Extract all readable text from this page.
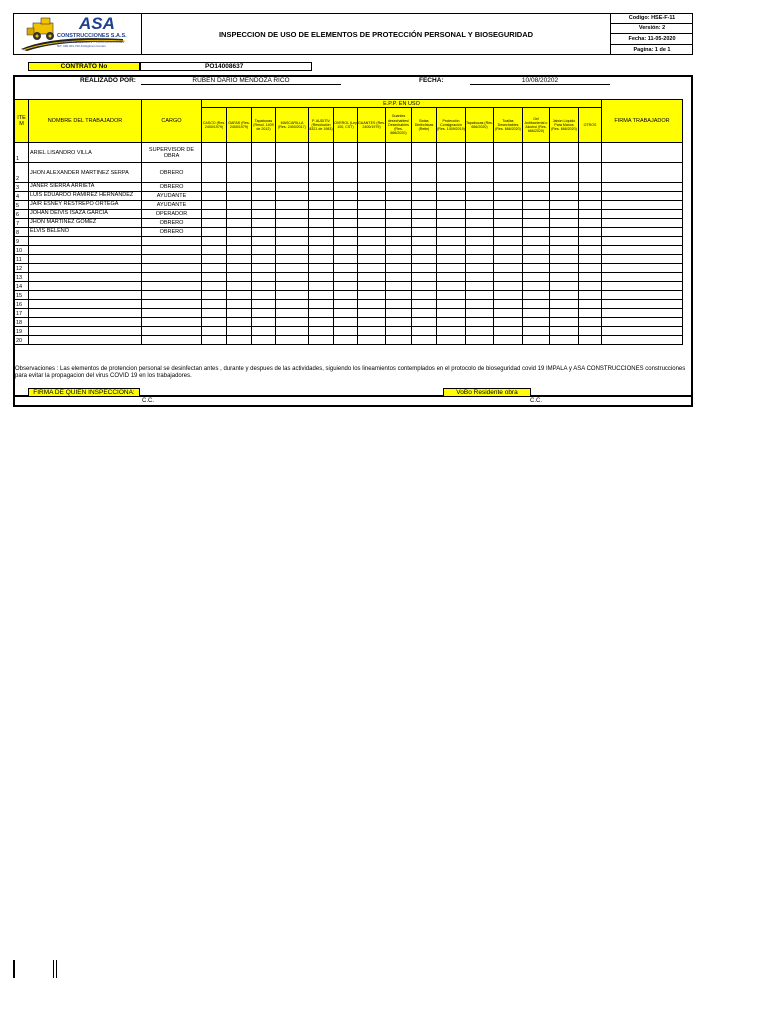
ASA
CONSTRUCCIONES S.A.S.
ASFALTOS AGREGADOS Y CONSTRUCCIONES
NIT. 900.201.720-9 Régimen Común
INSPECCION DE USO DE ELEMENTOS DE PROTECCIÓN PERSONAL Y BIOSEGURIDAD
Codigo: HSE-F-11
Versión: 2
Fecha: 11-05-2020
Pagina: 1 de 1
CONTRATO No	PO14008637
REALIZADO POR:	RUBEN DARIO MENDOZA RICO	FECHA:	10/08/20202
ITE M	NOMBRE DEL TRABAJADOR	CARGO	E.P.P. EN USO															FIRMA TRABAJADOR
			CASCO (Res. 2400/1979)	GAFAS (Res. 2400/1979)	Tapabocas (Resol. 1409 de 2012)	MASCARILLA (Res. 2400/2017)	P. AUDITIV (Resolución 8321 de 1983)	OVEROL (Ley 100, CST)	GUANTES (Res. 2400/1979)	Guantes desechables/ Desechables (Res. 666/2020)	Botas Dieléctricas (Retie)	Protección Consignación (Res. 1409/2019)	Tapabocas (Res. 666/2020)	Toallas Desechables (Res. 666/2020)	Gel Antibacterial o Alcohol (Res. 666/2020)	Jabón Líquido Para Manos (Res. 666/2020)	OTROS	
1	ARIEL LISANDRO VILLA	SUPERVISOR DE OBRA																
2	JHON ALEXANDER MARTINEZ SERPA	OBRERO																
3	JANER SIERRA ARRIETA	OBRERO																
4	LUIS EDUARDO RAMIREZ HERNANDEZ	AYUDANTE																
5	JAIR ESNEY RESTREPO ORTEGA	AYUDANTE																
6	JOHAN DEIVIS ISAZA GARCIA	OPERADOR																
7	JHON MARTINEZ GOMEZ	OBRERO																
8	ELVIS BELEÑO	OBRERO																
9																		
10																		
11																		
12																		
13																		
14																		
15																		
16																		
17																		
18																		
19																		
20																		
Observaciones : Las elementos de protencion personal se desinfectan antes , durante y despues de las actividades, siguiendo los lineamientos contemplados en el protocolo de bioseguridad covid 19 IMPALA y ASA CONSTRUCCIONES construcciones para evitar la propagacion del virus COVID 19 en los trabajadores.
FIRMA DE QUIEN INSPECCIONA:	VoBo Residente obra
C.C.	C.C.
